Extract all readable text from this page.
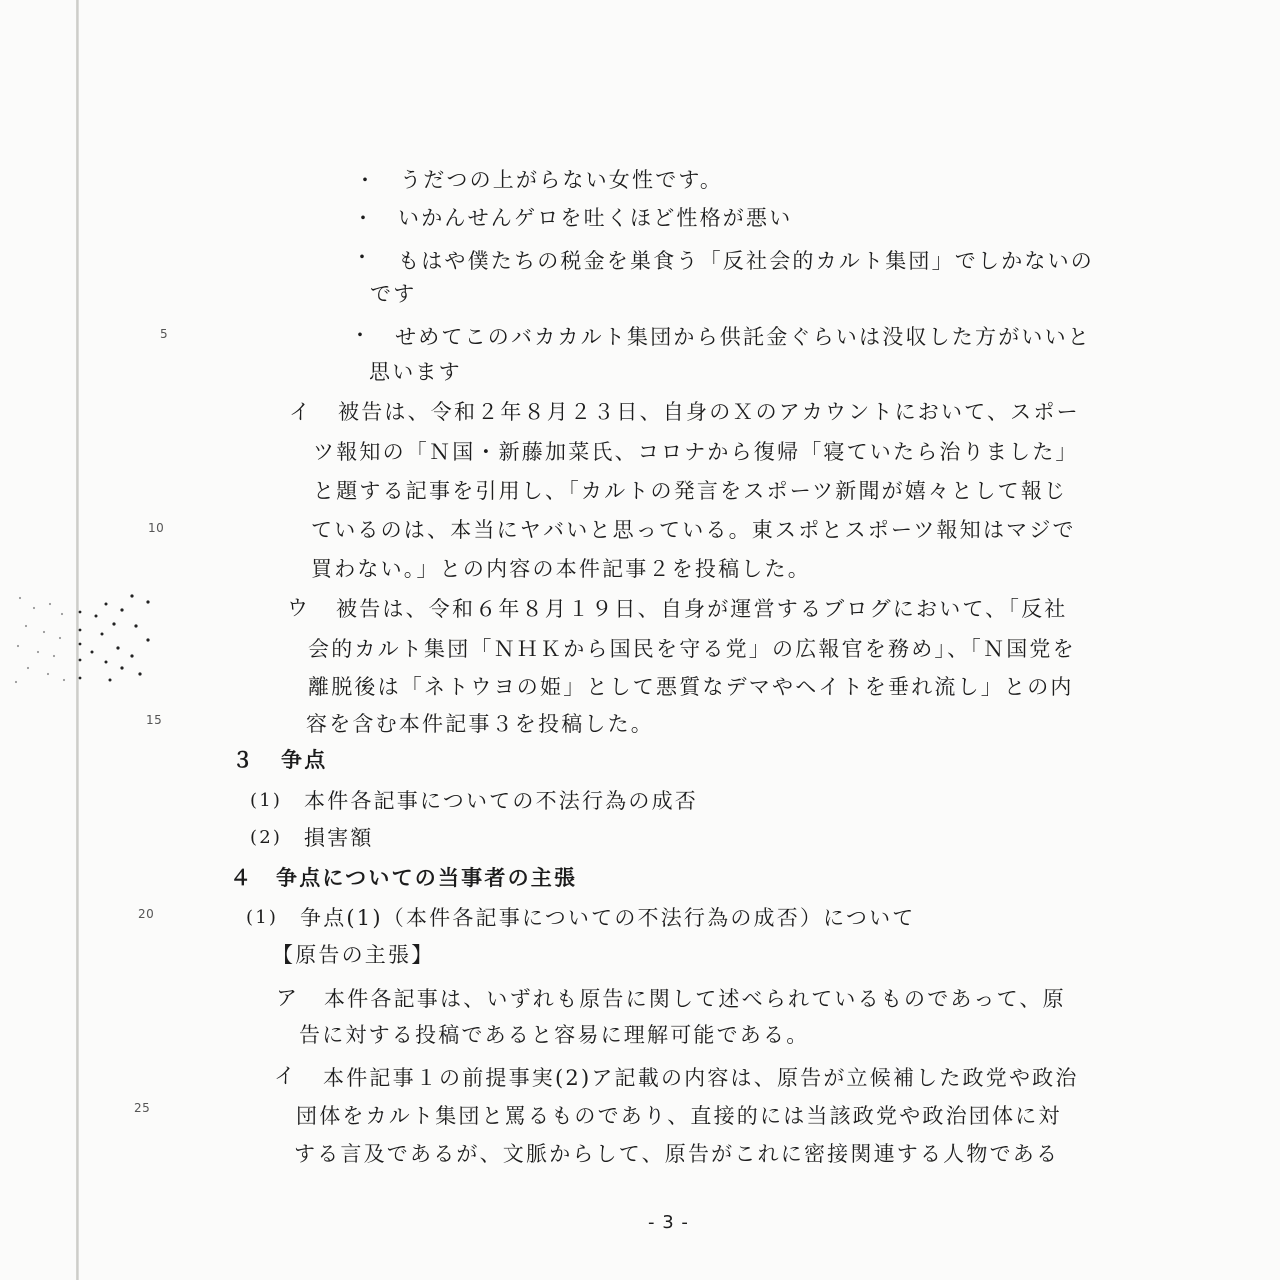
5
10
15
20
25
・ うだつの上がらない女性です。
・ いかんせんゲロを吐くほど性格が悪い
・ もはや僕たちの税金を巣食う「反社会的カルト集団」でしかないの
です
・ せめてこのバカカルト集団から供託金ぐらいは没収した方がいいと
思います
イ 被告は、令和２年８月２３日、自身のＸのアカウントにおいて、スポー
ツ報知の「Ｎ国・新藤加菜氏、コロナから復帰「寝ていたら治りました」
と題する記事を引用し、「カルトの発言をスポーツ新聞が嬉々として報じ
ているのは、本当にヤバいと思っている。東スポとスポーツ報知はマジで
買わない。」との内容の本件記事２を投稿した。
ウ 被告は、令和６年８月１９日、自身が運営するブログにおいて、「反社
会的カルト集団「ＮＨＫから国民を守る党」の広報官を務め」、「Ｎ国党を
離脱後は「ネトウヨの姫」として悪質なデマやヘイトを垂れ流し」との内
容を含む本件記事３を投稿した。
３ 争点
(1) 本件各記事についての不法行為の成否
(2) 損害額
４ 争点についての当事者の主張
(1) 争点(1)（本件各記事についての不法行為の成否）について
【原告の主張】
ア 本件各記事は、いずれも原告に関して述べられているものであって、原
告に対する投稿であると容易に理解可能である。
イ 本件記事１の前提事実(2)ア記載の内容は、原告が立候補した政党や政治
団体をカルト集団と罵るものであり、直接的には当該政党や政治団体に対
する言及であるが、文脈からして、原告がこれに密接関連する人物である
- 3 -
